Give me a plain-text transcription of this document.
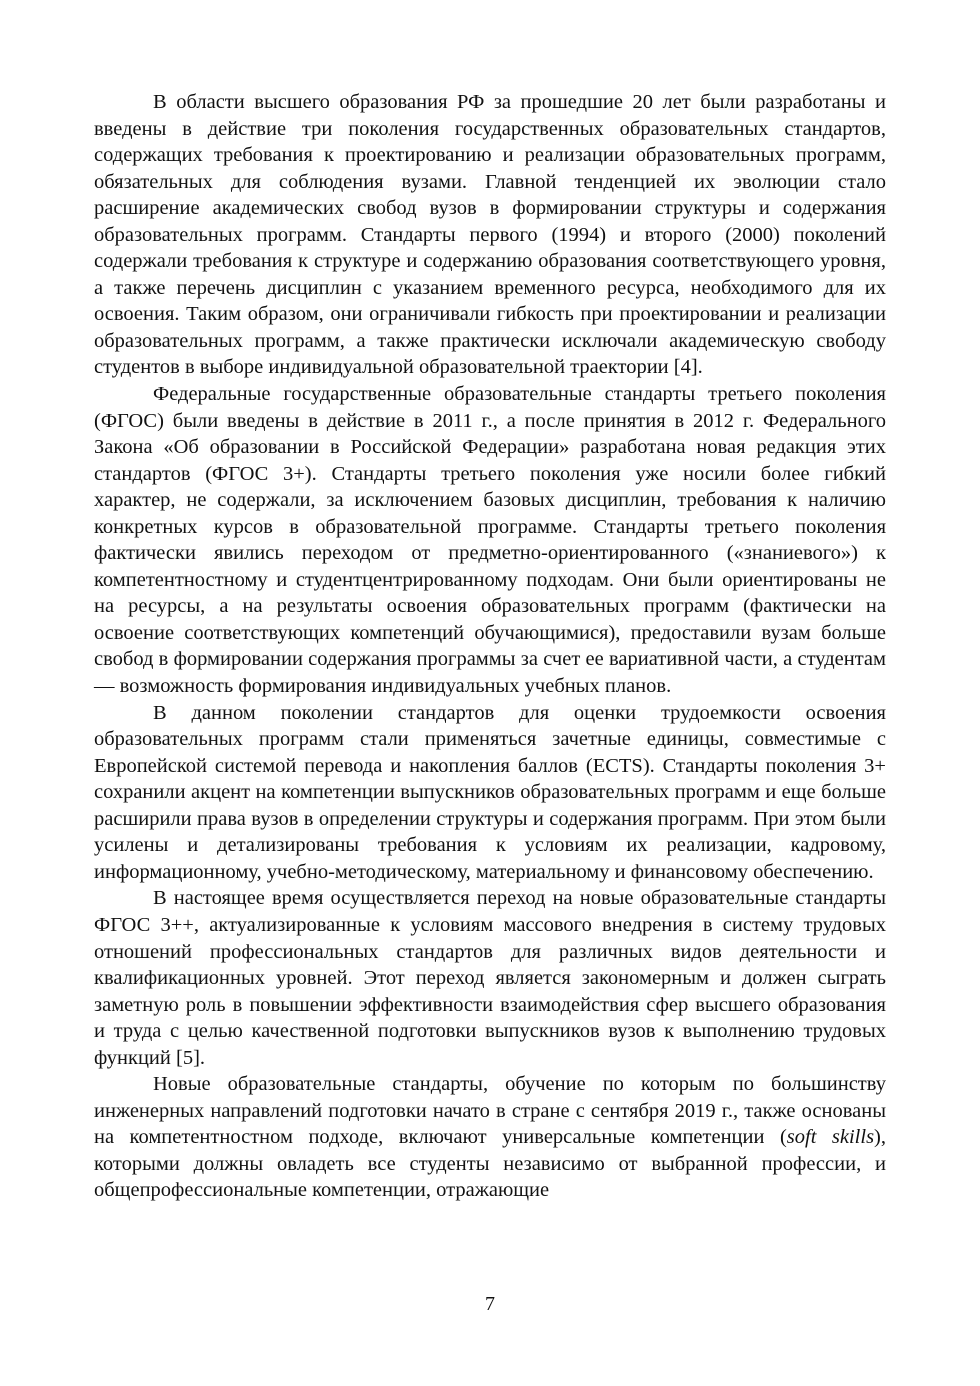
В области высшего образования РФ за прошедшие 20 лет были разработаны и введены в действие три поколения государственных образовательных стандартов, содержащих требования к проектированию и реализации образовательных программ, обязательных для соблюдения вузами. Главной тенденцией их эволюции стало расширение академических свобод вузов в формировании структуры и содержания образовательных программ. Стандарты первого (1994) и второго (2000) поколений содержали требования к структуре и содержанию образования соответствующего уровня, а также перечень дисциплин с указанием временного ресурса, необходимого для их освоения. Таким образом, они ограничивали гибкость при проектировании и реализации образовательных программ, а также практически исключали академическую свободу студентов в выборе индивидуальной образовательной траектории [4].

Федеральные государственные образовательные стандарты третьего поколения (ФГОС) были введены в действие в 2011 г., а после принятия в 2012 г. Федерального Закона «Об образовании в Российской Федерации» разработана новая редакция этих стандартов (ФГОС 3+). Стандарты третьего поколения уже носили более гибкий характер, не содержали, за исключением базовых дисциплин, требования к наличию конкретных курсов в образовательной программе. Стандарты третьего поколения фактически явились переходом от предметно-ориентированного («знаниевого») к компетентностному и студентцентрированному подходам. Они были ориентированы не на ресурсы, а на результаты освоения образовательных программ (фактически на освоение соответствующих компетенций обучающимися), предоставили вузам больше свобод в формировании содержания программы за счет ее вариативной части, а студентам — возможность формирования индивидуальных учебных планов.

В данном поколении стандартов для оценки трудоемкости освоения образовательных программ стали применяться зачетные единицы, совместимые с Европейской системой перевода и накопления баллов (ECTS). Стандарты поколения 3+ сохранили акцент на компетенции выпускников образовательных программ и еще больше расширили права вузов в определении структуры и содержания программ. При этом были усилены и детализированы требования к условиям их реализации, кадровому, информационному, учебно-методическому, материальному и финансовому обеспечению.

В настоящее время осуществляется переход на новые образовательные стандарты ФГОС 3++, актуализированные к условиям массового внедрения в систему трудовых отношений профессиональных стандартов для различных видов деятельности и квалификационных уровней. Этот переход является закономерным и должен сыграть заметную роль в повышении эффективности взаимодействия сфер высшего образования и труда с целью качественной подготовки выпускников вузов к выполнению трудовых функций [5].

Новые образовательные стандарты, обучение по которым по большинству инженерных направлений подготовки начато в стране с сентября 2019 г., также основаны на компетентностном подходе, включают универсальные компетенции (soft skills), которыми должны овладеть все студенты независимо от выбранной профессии, и общепрофессиональные компетенции, отражающие

7
